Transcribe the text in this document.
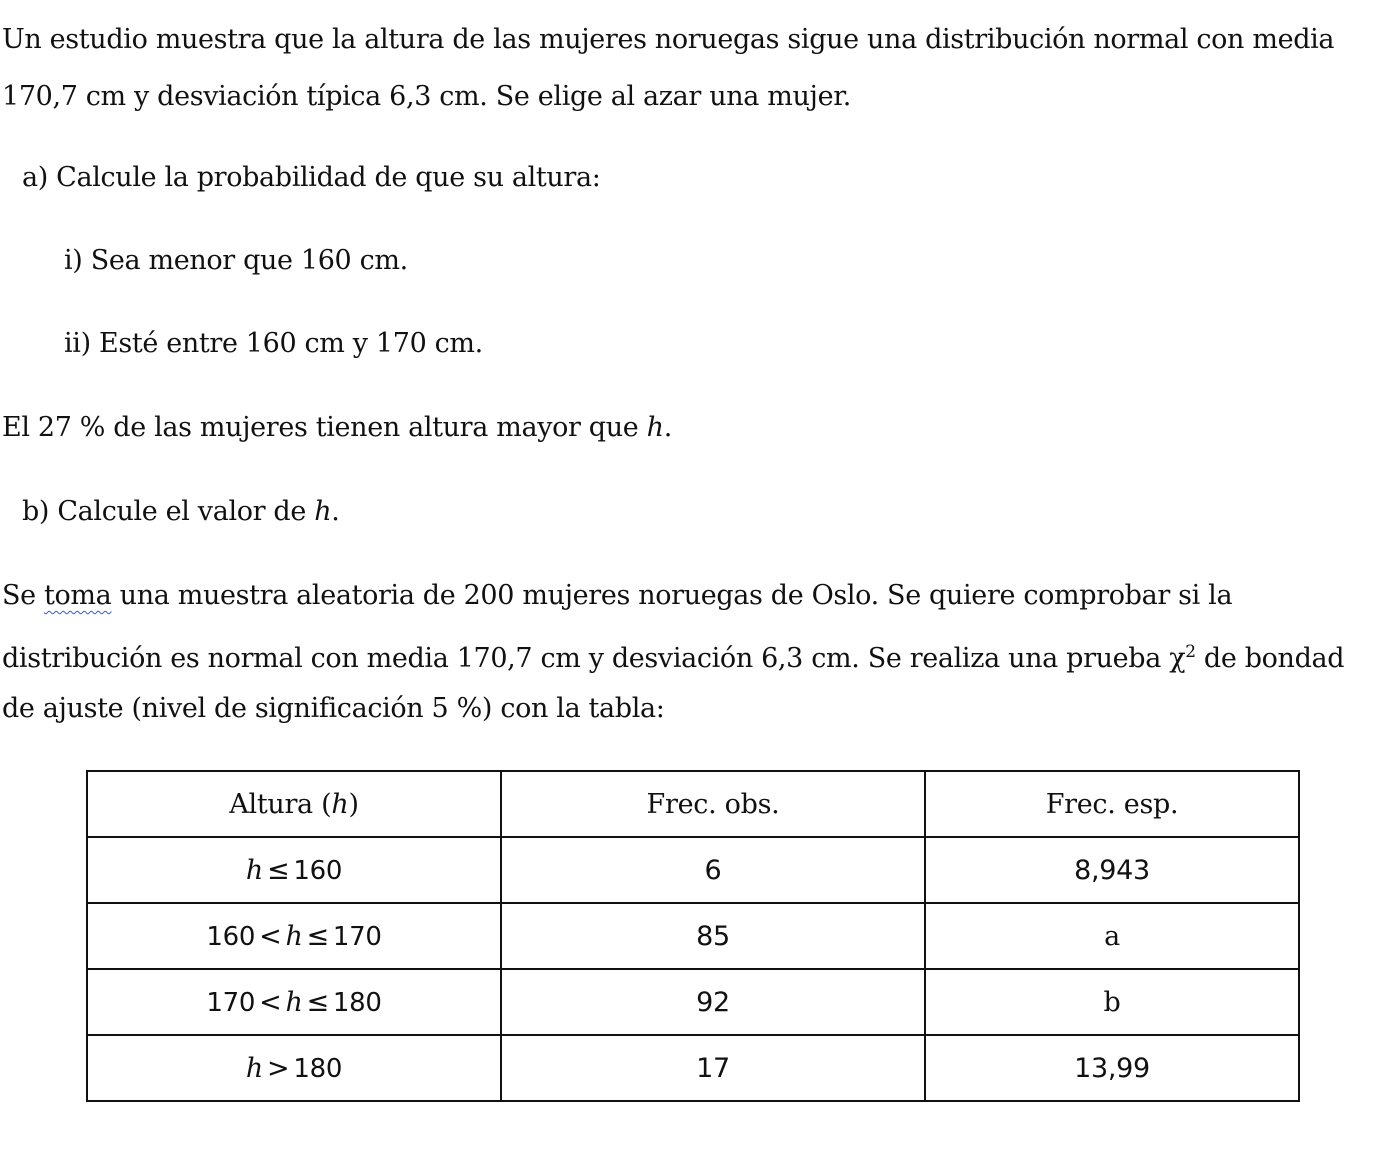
Un estudio muestra que la altura de las mujeres noruegas sigue una distribución normal con media
170,7 cm y desviación típica 6,3 cm. Se elige al azar una mujer.
a) Calcule la probabilidad de que su altura:
i) Sea menor que 160 cm.
ii) Esté entre 160 cm y 170 cm.
El 27 % de las mujeres tienen altura mayor que h.
b) Calcule el valor de h.
Se toma una muestra aleatoria de 200 mujeres noruegas de Oslo. Se quiere comprobar si la
distribución es normal con media 170,7 cm y desviación 6,3 cm. Se realiza una prueba $\chi^2$ de bondad
de ajuste (nivel de significación 5 %) con la tabla:
Altura (h)	Frec. obs.	Frec. esp.
h ≤ 160	6	8,943
160 < h ≤ 170	85	a
170 < h ≤ 180	92	b
h > 180	17	13,99
